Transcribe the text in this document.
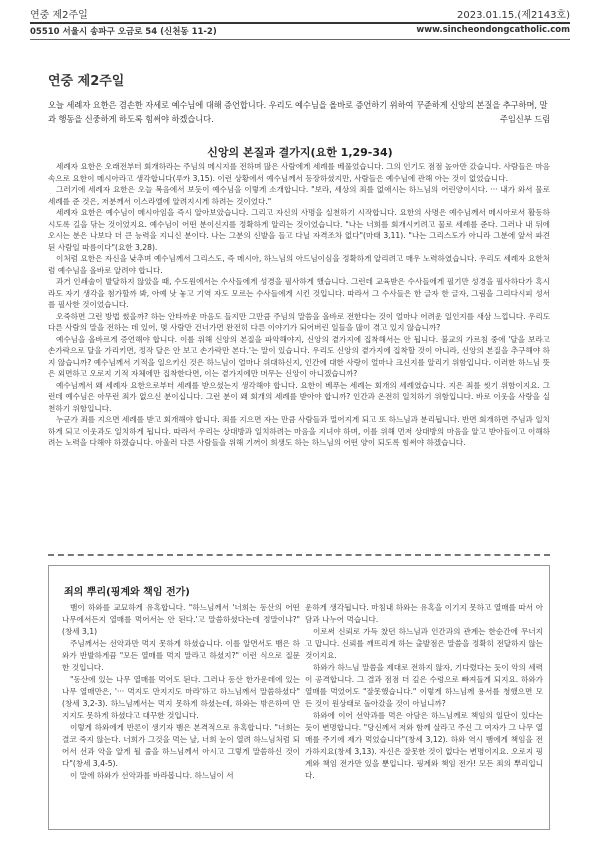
연중 제2주일	2023.01.15.(제2143호)
05510 서울시 송파구 오금로 54 (신천동 11-2)	www.sincheondongcatholic.com
연중 제2주일
오늘 세례자 요한은 겸손한 자세로 예수님에 대해 증언합니다. 우리도 예수님을 올바로 증언하기 위하여 꾸준하게 신앙의 본질을 추구하며, 말과 행동을 신중하게 하도록 힘써야 하겠습니다.	주임신부 드림
신앙의 본질과 결가지(요한 1,29-34)

세례자 요한은 오래전부터 회개하라는 주님의 메시지를 전하며 많은 사람에게 세례를 베풀었습니다. 그의 인기도 점점 높아만 갔습니다. 사람들은 마음속으로 요한이 메시아라고 생각합니다(루카 3,15). 이런 상황에서 예수님께서 등장하셨지만, 사람들은 예수님에 관해 아는 것이 없었습니다.

그러기에 세례자 요한은 오늘 복음에서 보듯이 예수님을 이렇게 소개합니다. "보라, 세상의 죄를 없애시는 하느님의 어린양이시다. ··· 내가 와서 물로 세례를 준 것은, 저분께서 이스라엘에 알려지시게 하려는 것이었다."

세례자 요한은 예수님이 메시아임을 즉시 알아보았습니다. 그리고 자신의 사명을 실천하기 시작합니다. 요한의 사명은 예수님께서 메시아로서 활동하시도록 길을 닦는 것이었지요. 예수님이 어떤 분이신지를 정확하게 알리는 것이었습니다. "나는 너희를 회개시키려고 물로 세례를 준다. 그러나 내 뒤에 오시는 분은 나보다 더 큰 능력을 지니신 분이다. 나는 그분의 신발을 들고 다닐 자격조차 없다"(마태 3,11). "나는 그리스도가 아니라 그분에 앞서 파견된 사람일 따름이다"(요한 3,28).

이처럼 요한은 자신을 낮추며 예수님께서 그리스도, 즉 메시아, 하느님의 아드님이심을 정확하게 알리려고 매우 노력하였습니다. 우리도 세례자 요한처럼 예수님을 올바로 알려야 합니다.

과거 인쇄술이 발달하지 않았을 때, 수도원에서는 수사들에게 성경을 필사하게 했습니다. 그런데 교육받은 수사들에게 필기만 성경을 필사하다가 혹시라도 자기 생각을 첨가할까 봐, 아예 낫 놓고 기역 자도 모르는 수사들에게 시킨 것입니다. 따라서 그 수사들은 한 글자 한 글자, 그림을 그리다시피 성서를 필사한 것이었습니다.

오죽하면 그런 방법 썼을까? 하는 안타까운 마음도 들지만 그만큼 주님의 말씀을 올바로 전한다는 것이 얼마나 어려운 일인지를 새삼 느낍니다. 우리도 다른 사람의 말을 전하는 데 있어, 몇 사람만 건너가면 완전히 다른 이야기가 되어버린 일들을 많이 겪고 있지 않습니까?

예수님을 올바르게 증언해야 합니다. 이를 위해 신앙의 본질을 파악해야지, 신앙의 곁가지에 집착해서는 안 됩니다. 불교의 가르침 중에 '달을 보라고 손가락으로 달을 가리키면, 정작 달은 안 보고 손가락만 본다.'는 말이 있습니다. 우리도 신앙의 곁가지에 집착할 것이 아니라, 신앙의 본질을 추구해야 하지 않습니까? 예수님께서 기적을 일으키신 것은 하느님이 얼마나 위대하신지, 인간에 대한 사랑이 얼마나 크신지를 알리기 위함입니다. 이러한 하느님 뜻은 외면하고 오로지 기적 자체에만 집착한다면, 이는 곁가지에만 머무는 신앙이 아니겠습니까?

예수님께서 왜 세례자 요한으로부터 세례를 받으셨는지 생각해야 합니다. 요한이 베푸는 세례는 회개의 세례였습니다. 지은 죄를 씻기 위함이지요. 그런데 예수님은 아무런 죄가 없으신 분이십니다. 그런 분이 왜 회개의 세례를 받아야 합니까? 인간과 온전히 일치하기 위함입니다. 바로 이웃을 사랑을 실천하기 위함입니다.

누군가 죄를 지으면 세례를 받고 회개해야 합니다. 죄를 지으면 자는 만큼 사람들과 멀어지게 되고 또 하느님과 분리됩니다. 반면 회개하면 주님과 일치하게 되고 이웃과도 일치하게 됩니다. 따라서 우리는 상대방과 일치하려는 마음을 지녀야 하며, 이를 위해 먼저 상대방의 마음을 알고 받아들이고 이해하려는 노력을 다해야 하겠습니다. 아울러 다른 사람들을 위해 기꺼이 희생도 하는 하느님의 어떤 양이 되도록 힘써야 하겠습니다.

죄의 뿌리(핑계와 책임 전가)

뱀이 하와를 교묘하게 유혹합니다. "하느님께서 '너희는 동산의 어떤 나무에서든지 열매를 먹어서는 안 된다.'고 말씀하셨다는데 정말이냐?"(창세 3,1)

주님께서는 선악과만 먹지 못하게 하셨습니다. 이를 알면서도 뱀은 하와가 반발하게끔 "모든 열매를 먹지 말라고 하셨지?" 이런 식으로 질문한 것입니다.

"동산에 있는 나무 열매를 먹어도 된다. 그러나 동산 한가운데에 있는 나무 열매만은, '··· 먹지도 만지지도 마라'하고 하느님께서 말씀하셨다"(창세 3,2-3). 하느님께서는 먹지 못하게 하셨는데, 하와는 밖은하여 만지지도 못하게 하셨다고 대꾸한 것입니다.

이렇게 하와에게 반론이 생기자 뱀은 본격적으로 유혹합니다. "너희는 결코 죽지 않는다. 너희가 그것을 먹는 날, 너희 눈이 열려 하느님처럼 되어서 선과 악을 알게 될 줄을 하느님께서 아시고 그렇게 말씀하신 것이다"(창세 3,4-5).

이 말에 하와가 선악과를 바라봅니다. 하느님이 서

운하게 생각됩니다. 마침내 하와는 유혹을 이기지 못하고 열매를 따서 아담과 나누어 먹습니다.

이로써 신뢰로 가득 찼던 하느님과 인간과의 관계는 한순간에 무너지고 맙니다. 신뢰를 깨뜨리게 하는 출발점은 말씀을 정확히 전달하지 않는 것이지요.

하와가 하느님 말씀을 제대로 전하지 않자, 기다렸다는 듯이 악의 세력이 공격합니다. 그 결과 점점 더 깊은 수렁으로 빠져들게 되지요. 하와가 열매를 먹었어도 "잘못했습니다." 이렇게 하느님께 용서를 청했으면 모든 것이 원상태로 돌아갔을 것이 아닐니까?

하와에 이어 선악과를 먹은 아담은 하느님께로 책임의 일단이 있다는 듯이 변명합니다. "당신께서 저와 함께 살라고 주신 그 여자가 그 나무 열매를 주기에 제가 먹었습니다"(창세 3,12). 하와 역시 뱀에게 책임을 전가하지요(창세 3,13). 자신은 잘못한 것이 없다는 변명이지요. 오로지 핑계와 책임 전가만 있을 뿐입니다. 핑계와 책임 전가! 모든 죄의 뿌리입니다.
